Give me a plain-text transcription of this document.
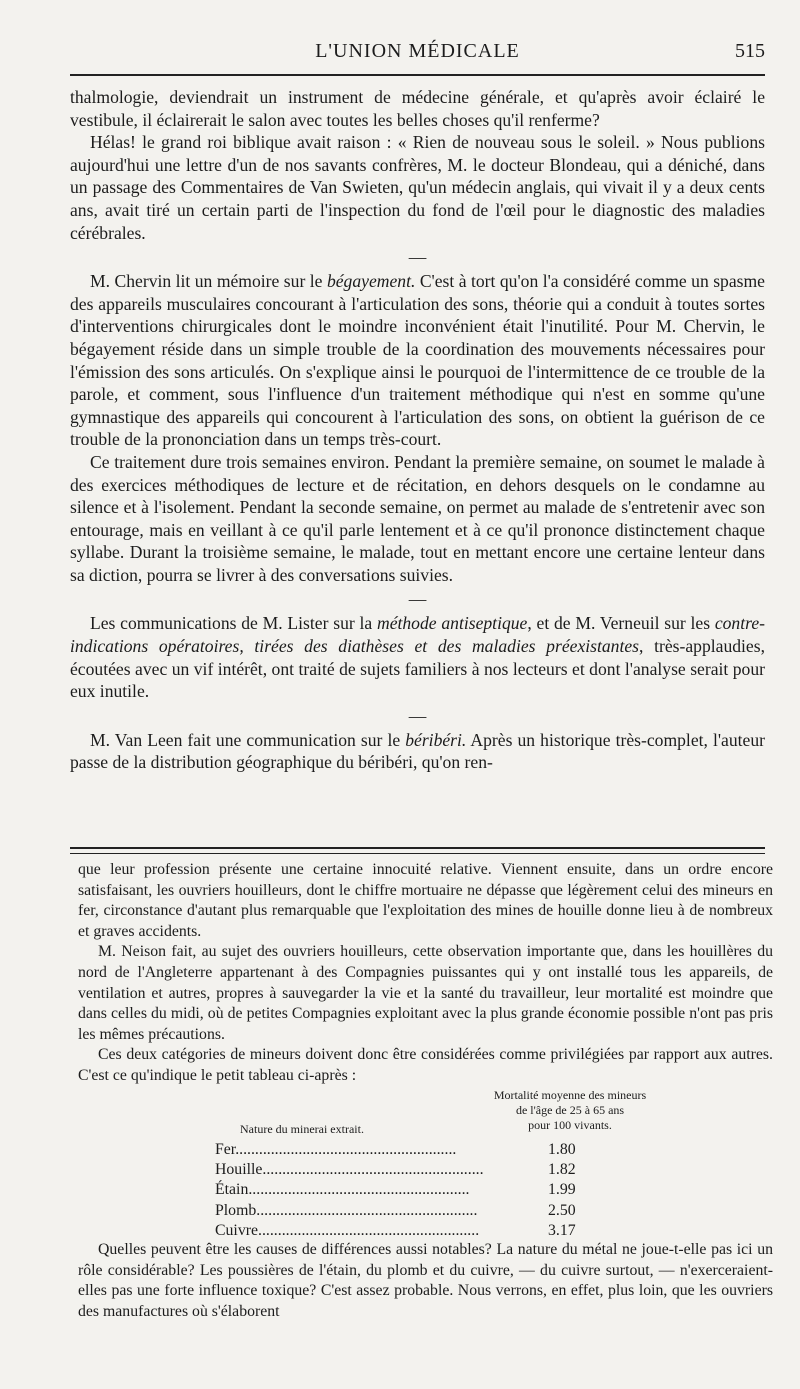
L'UNION MÉDICALE	515

thalmologie, deviendrait un instrument de médecine générale, et qu'après avoir éclairé le vestibule, il éclairerait le salon avec toutes les belles choses qu'il renferme?

Hélas! le grand roi biblique avait raison : « Rien de nouveau sous le soleil. » Nous publions aujourd'hui une lettre d'un de nos savants confrères, M. le docteur Blondeau, qui a déniché, dans un passage des Commentaires de Van Swieten, qu'un médecin anglais, qui vivait il y a deux cents ans, avait tiré un certain parti de l'inspection du fond de l'œil pour le diagnostic des maladies cérébrales.

—

M. Chervin lit un mémoire sur le bégayement. C'est à tort qu'on l'a considéré comme un spasme des appareils musculaires concourant à l'articulation des sons, théorie qui a conduit à toutes sortes d'interventions chirurgicales dont le moindre inconvénient était l'inutilité. Pour M. Chervin, le bégayement réside dans un simple trouble de la coordination des mouvements nécessaires pour l'émission des sons articulés. On s'explique ainsi le pourquoi de l'intermittence de ce trouble de la parole, et comment, sous l'influence d'un traitement méthodique qui n'est en somme qu'une gymnastique des appareils qui concourent à l'articulation des sons, on obtient la guérison de ce trouble de la prononciation dans un temps très-court.

Ce traitement dure trois semaines environ. Pendant la première semaine, on soumet le malade à des exercices méthodiques de lecture et de récitation, en dehors desquels on le condamne au silence et à l'isolement. Pendant la seconde semaine, on permet au malade de s'entretenir avec son entourage, mais en veillant à ce qu'il parle lentement et à ce qu'il prononce distinctement chaque syllabe. Durant la troisième semaine, le malade, tout en mettant encore une certaine lenteur dans sa diction, pourra se livrer à des conversations suivies.

—

Les communications de M. Lister sur la méthode antiseptique, et de M. Verneuil sur les contre-indications opératoires, tirées des diathèses et des maladies préexistantes, très-applaudies, écoutées avec un vif intérêt, ont traité de sujets familiers à nos lecteurs et dont l'analyse serait pour eux inutile.

—

M. Van Leen fait une communication sur le béribéri. Après un historique très-complet, l'auteur passe de la distribution géographique du béribéri, qu'on ren-

que leur profession présente une certaine innocuité relative. Viennent ensuite, dans un ordre encore satisfaisant, les ouvriers houilleurs, dont le chiffre mortuaire ne dépasse que légèrement celui des mineurs en fer, circonstance d'autant plus remarquable que l'exploitation des mines de houille donne lieu à de nombreux et graves accidents.

M. Neison fait, au sujet des ouvriers houilleurs, cette observation importante que, dans les houillères du nord de l'Angleterre appartenant à des Compagnies puissantes qui y ont installé tous les appareils, de ventilation et autres, propres à sauvegarder la vie et la santé du travailleur, leur mortalité est moindre que dans celles du midi, où de petites Compagnies exploitant avec la plus grande économie possible n'ont pas pris les mêmes précautions.

Ces deux catégories de mineurs doivent donc être considérées comme privilégiées par rapport aux autres. C'est ce qu'indique le petit tableau ci-après :

Mortalité moyenne des mineurs
de l'âge de 25 à 65 ans
pour 100 vivants.
Nature du minerai extrait.
Fer........................................................	1.80
Houille........................................................	1.82
Étain........................................................	1.99
Plomb........................................................	2.50
Cuivre........................................................	3.17

Quelles peuvent être les causes de différences aussi notables? La nature du métal ne joue-t-elle pas ici un rôle considérable? Les poussières de l'étain, du plomb et du cuivre, — du cuivre surtout, — n'exerceraient-elles pas une forte influence toxique? C'est assez probable. Nous verrons, en effet, plus loin, que les ouvriers des manufactures où s'élaborent
